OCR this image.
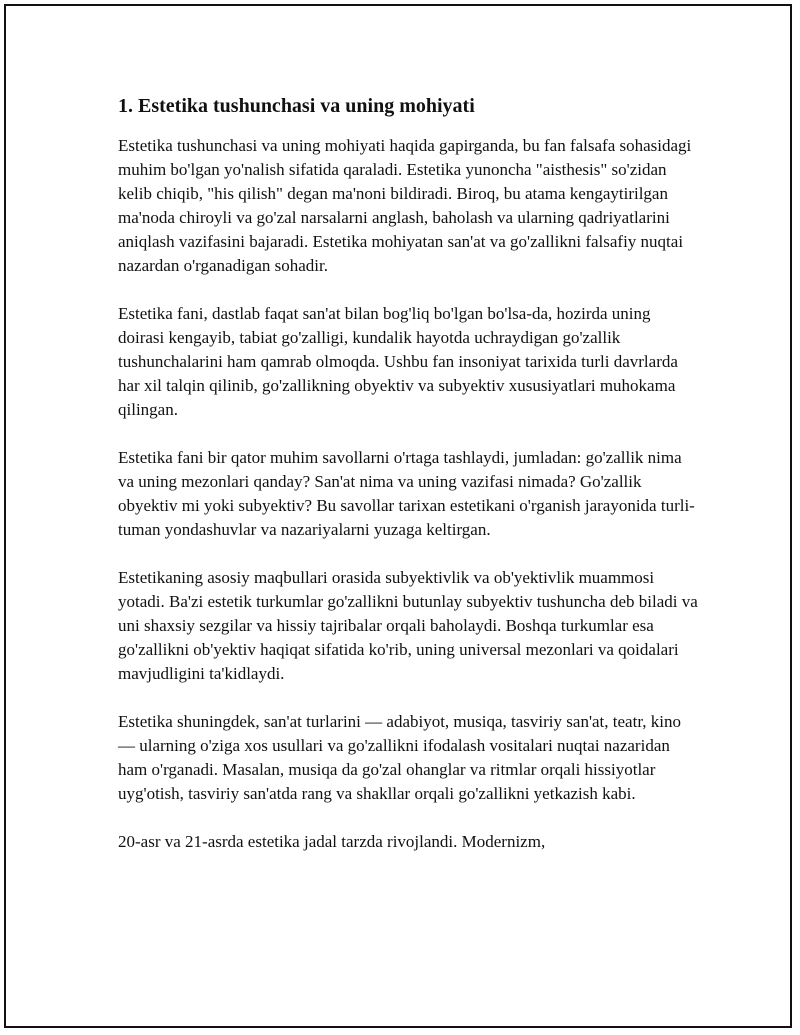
1. Estetika tushunchasi va uning mohiyati

Estetika tushunchasi va uning mohiyati haqida gapirganda, bu fan falsafa sohasidagi muhim bo'lgan yo'nalish sifatida qaraladi. Estetika yunoncha "aisthesis" so'zidan kelib chiqib, "his qilish" degan ma'noni bildiradi. Biroq, bu atama kengaytirilgan ma'noda chiroyli va go'zal narsalarni anglash, baholash va ularning qadriyatlarini aniqlash vazifasini bajaradi. Estetika mohiyatan san'at va go'zallikni falsafiy nuqtai nazardan o'rganadigan sohadir.

Estetika fani, dastlab faqat san'at bilan bog'liq bo'lgan bo'lsa-da, hozirda uning doirasi kengayib, tabiat go'zalligi, kundalik hayotda uchraydigan go'zallik tushunchalarini ham qamrab olmoqda. Ushbu fan insoniyat tarixida turli davrlarda har xil talqin qilinib, go'zallikning obyektiv va subyektiv xususiyatlari muhokama qilingan.

Estetika fani bir qator muhim savollarni o'rtaga tashlaydi, jumladan: go'zallik nima va uning mezonlari qanday? San'at nima va uning vazifasi nimada? Go'zallik obyektiv mi yoki subyektiv? Bu savollar tarixan estetikani o'rganish jarayonida turli-tuman yondashuvlar va nazariyalarni yuzaga keltirgan.

Estetikaning asosiy maqbullari orasida subyektivlik va ob'yektivlik muammosi yotadi. Ba'zi estetik turkumlar go'zallikni butunlay subyektiv tushuncha deb biladi va uni shaxsiy sezgilar va hissiy tajribalar orqali baholaydi. Boshqa turkumlar esa go'zallikni ob'yektiv haqiqat sifatida ko'rib, uning universal mezonlari va qoidalari mavjudligini ta'kidlaydi.

Estetika shuningdek, san'at turlarini — adabiyot, musiqa, tasviriy san'at, teatr, kino — ularning o'ziga xos usullari va go'zallikni ifodalash vositalari nuqtai nazaridan ham o'rganadi. Masalan, musiqa da go'zal ohanglar va ritmlar orqali hissiyotlar uyg'otish, tasviriy san'atda rang va shakllar orqali go'zallikni yetkazish kabi.

20-asr va 21-asrda estetika jadal tarzda rivojlandi. Modernizm,
